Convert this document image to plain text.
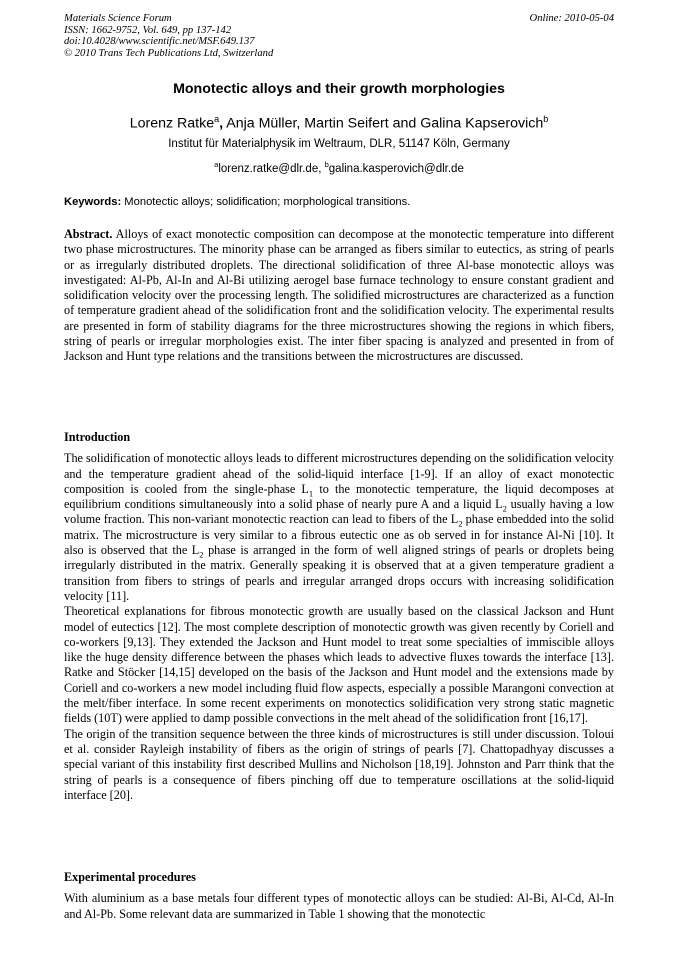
Materials Science Forum
ISSN: 1662-9752, Vol. 649, pp 137-142
doi:10.4028/www.scientific.net/MSF.649.137
© 2010 Trans Tech Publications Ltd, Switzerland
Online: 2010-05-04
Monotectic alloys and their growth morphologies
Lorenz Ratke$^a$, Anja Müller, Martin Seifert and Galina Kapserovich$^b$
Institut für Materialphysik im Weltraum, DLR, 51147 Köln, Germany
$^a$lorenz.ratke@dlr.de, $^b$galina.kasperovich@dlr.de
Keywords: Monotectic alloys; solidification; morphological transitions.

Abstract. Alloys of exact monotectic composition can decompose at the monotectic temperature into different two phase microstructures. The minority phase can be arranged as fibers similar to eutectics, as string of pearls or as irregularly distributed droplets. The directional solidification of three Al-base monotectic alloys was investigated: Al-Pb, Al-In and Al-Bi utilizing aerogel base furnace technology to ensure constant gradient and solidification velocity over the processing length. The solidified microstructures are characterized as a function of temperature gradient ahead of the solidification front and the solidification velocity. The experimental results are presented in form of stability diagrams for the three microstructures showing the regions in which fibers, string of pearls or irregular morphologies exist. The inter fiber spacing is analyzed and presented in from of Jackson and Hunt type relations and the transitions between the microstructures are discussed.

Introduction

The solidification of monotectic alloys leads to different microstructures depending on the solidification velocity and the temperature gradient ahead of the solid-liquid interface [1-9]. If an alloy of exact monotectic composition is cooled from the single-phase $L_1$ to the monotectic temperature, the liquid decomposes at equilibrium conditions simultaneously into a solid phase of nearly pure A and a liquid $L_2$ usually having a low volume fraction. This non-variant monotectic reaction can lead to fibers of the $L_2$ phase embedded into the solid matrix. The microstructure is very similar to a fibrous eutectic one as ob served in for instance Al-Ni [10]. It also is observed that the $L_2$ phase is arranged in the form of well aligned strings of pearls or droplets being irregularly distributed in the matrix. Generally speaking it is observed that at a given temperature gradient a transition from fibers to strings of pearls and irregular arranged drops occurs with increasing solidification velocity [11].

Theoretical explanations for fibrous monotectic growth are usually based on the classical Jackson and Hunt model of eutectics [12]. The most complete description of monotectic growth was given recently by Coriell and co-workers [9,13]. They extended the Jackson and Hunt model to treat some specialties of immiscible alloys like the huge density difference between the phases which leads to advective fluxes towards the interface [13]. Ratke and Stöcker [14,15] developed on the basis of the Jackson and Hunt model and the extensions made by Coriell and co-workers a new model including fluid flow aspects, especially a possible Marangoni convection at the melt/fiber interface. In some recent experiments on monotectics solidification very strong static magnetic fields (10T) were applied to damp possible convections in the melt ahead of the solidification front [16,17].

The origin of the transition sequence between the three kinds of microstructures is still under discussion. Toloui et al. consider Rayleigh instability of fibers as the origin of strings of pearls [7]. Chattopadhyay discusses a special variant of this instability first described Mullins and Nicholson [18,19]. Johnston and Parr think that the string of pearls is a consequence of fibers pinching off due to temperature oscillations at the solid-liquid interface [20].

Experimental procedures

With aluminium as a base metals four different types of monotectic alloys can be studied: Al-Bi, Al-Cd, Al-In and Al-Pb. Some relevant data are summarized in Table 1 showing that the monotectic
